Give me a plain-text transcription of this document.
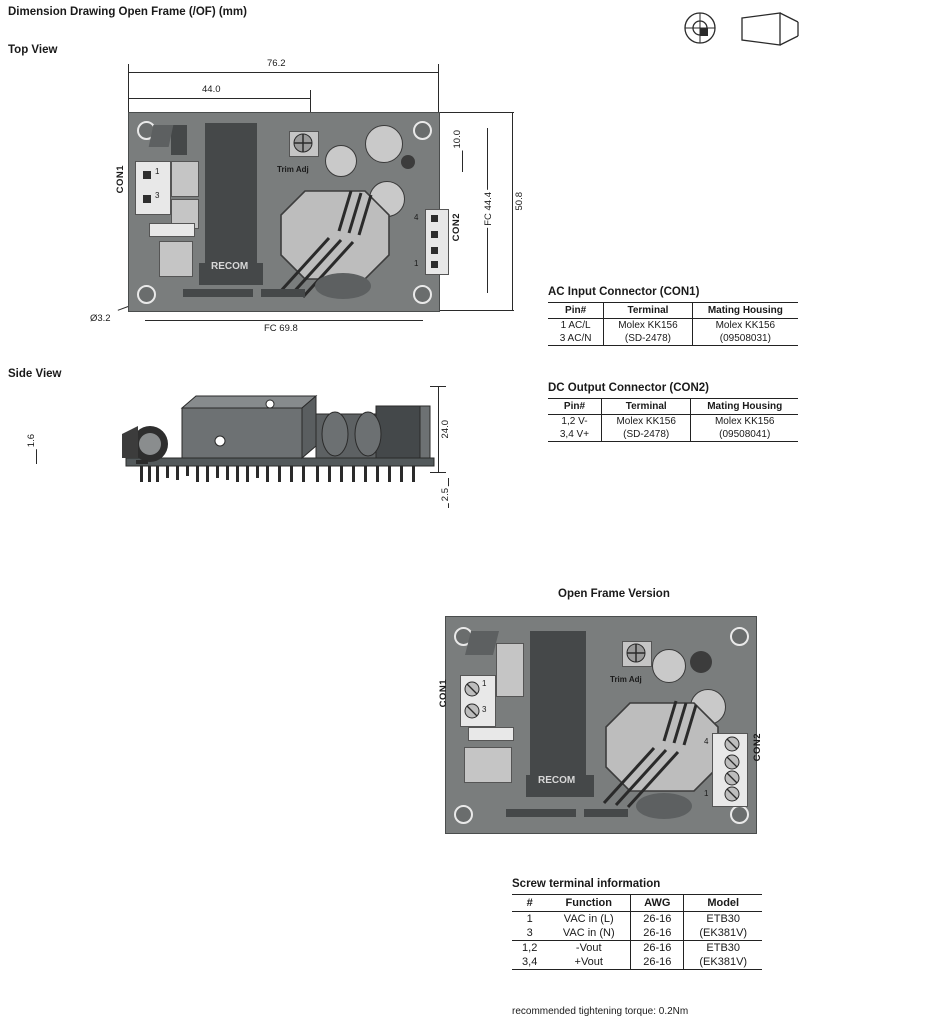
Dimension Drawing Open Frame (/OF) (mm)
Top View
Side View
Open Frame Version
76.2
44.0
50.8
FC 44.4
10.0
FC 69.8
Ø3.2
1
3
CON1
RECOM
Trim Adj
4
1
CON2
24.0
1.6
2.5
AC Input Connector (CON1)
Pin#	Terminal	Mating Housing
1 AC/L	Molex KK156	Molex KK156
3 AC/N	(SD-2478)	(09508031)
DC Output Connector (CON2)
Pin#	Terminal	Mating Housing
1,2 V-	Molex KK156	Molex KK156
3,4 V+	(SD-2478)	(09508041)
1
3
CON1
RECOM
Trim Adj
4
1
CON2
Screw terminal information
#	Function	AWG	Model
1	VAC in (L)	26-16	ETB30
3	VAC in (N)	26-16	(EK381V)
1,2	-Vout	26-16	ETB30
3,4	+Vout	26-16	(EK381V)
recommended tightening torque: 0.2Nm
